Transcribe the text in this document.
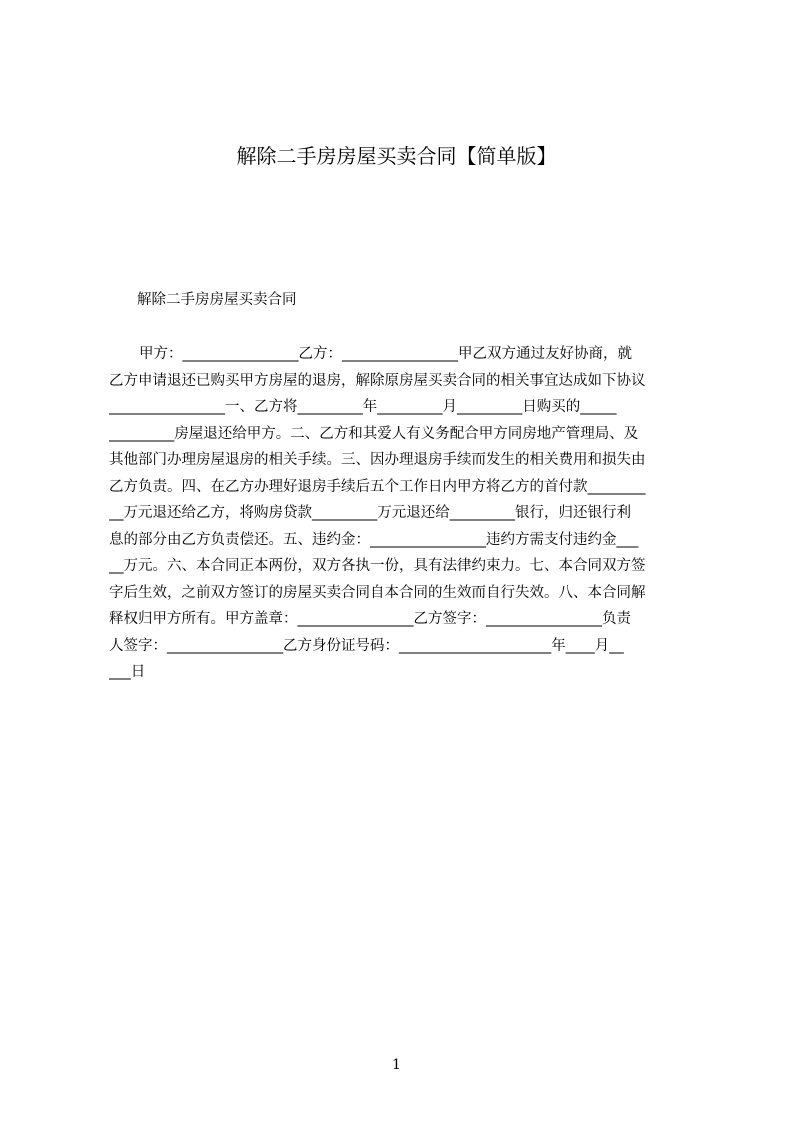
解除二手房房屋买卖合同【简单版】
解除二手房房屋买卖合同
甲方：________________乙方：________________甲乙双方通过友好协商，就
乙方申请退还已购买甲方房屋的退房，解除原房屋买卖合同的相关事宜达成如下协议
________________一、乙方将_________年_________月_________日购买的_____
_________房屋退还给甲方。二、乙方和其爱人有义务配合甲方同房地产管理局、及
其他部门办理房屋退房的相关手续。三、因办理退房手续而发生的相关费用和损失由
乙方负责。四、在乙方办理好退房手续后五个工作日内甲方将乙方的首付款________
__万元退还给乙方，将购房贷款_________万元退还给_________银行，归还银行利
息的部分由乙方负责偿还。五、违约金：________________违约方需支付违约金___
__万元。六、本合同正本两份，双方各执一份，具有法律约束力。七、本合同双方签
字后生效，之前双方签订的房屋买卖合同自本合同的生效而自行失效。八、本合同解
释权归甲方所有。甲方盖章：________________乙方签字：________________负责
人签字：________________乙方身份证号码：_____________________年____月__
___日
1
